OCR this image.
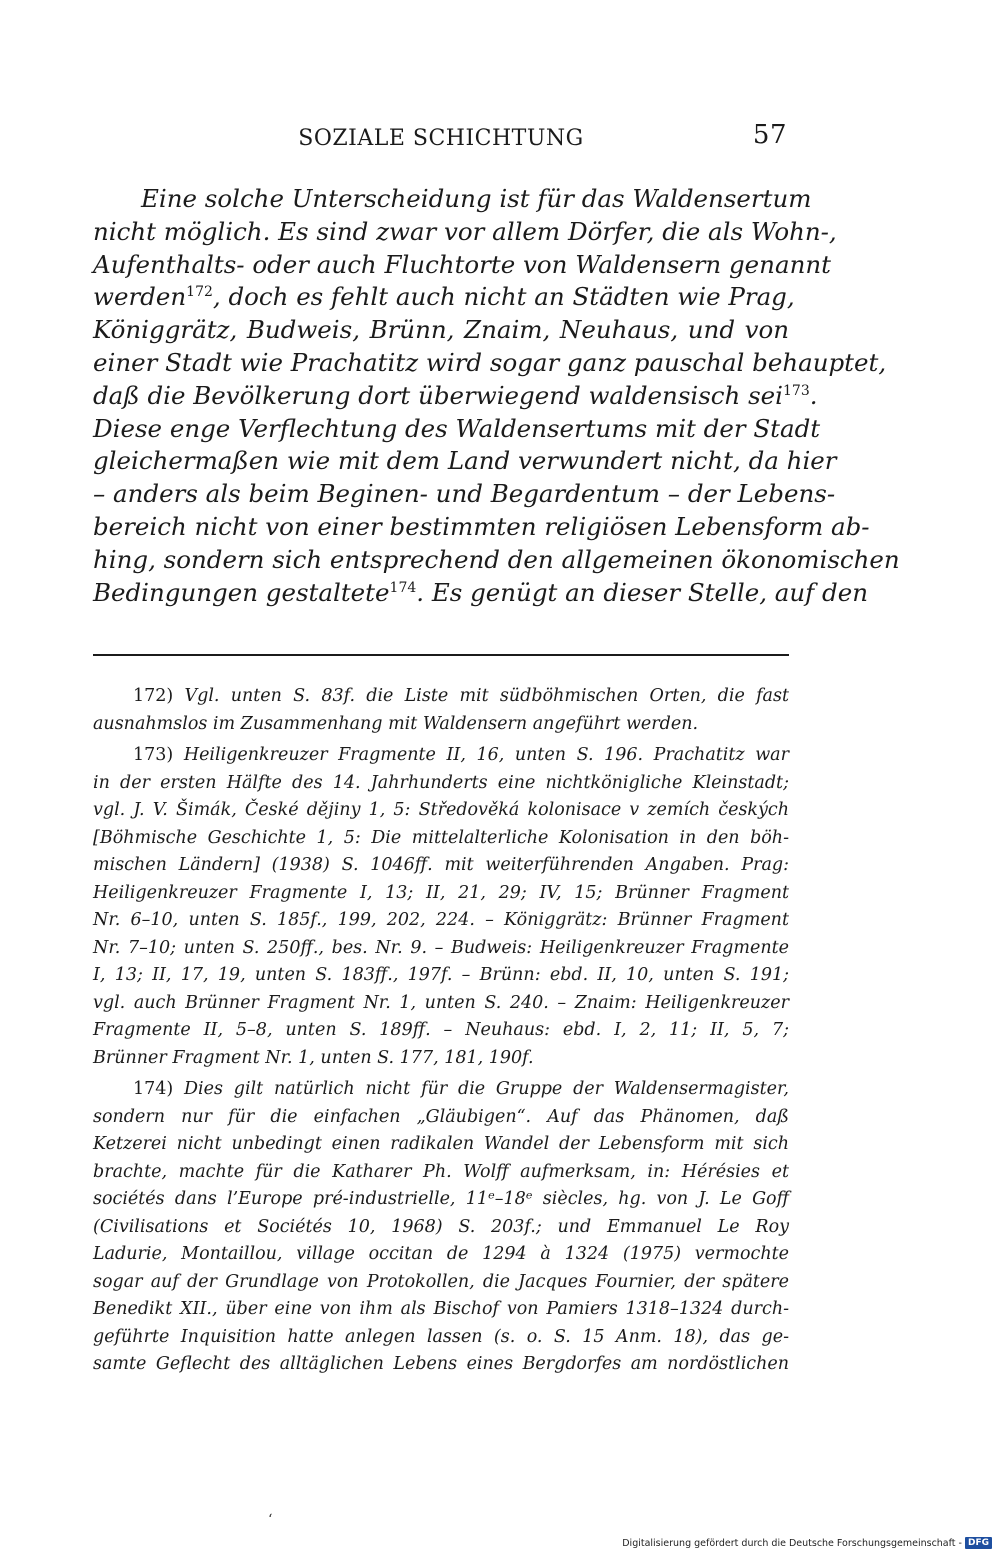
SOZIALE SCHICHTUNG	57
Eine solche Unterscheidung ist für das Waldensertum
nicht möglich. Es sind zwar vor allem Dörfer, die als Wohn-,
Aufenthalts- oder auch Fluchtorte von Waldensern genannt
werden$^{172}$, doch es fehlt auch nicht an Städten wie Prag,
Königgrätz, Budweis, Brünn, Znaim, Neuhaus, und von
einer Stadt wie Prachatitz wird sogar ganz pauschal behauptet,
daß die Bevölkerung dort überwiegend waldensisch sei$^{173}$.
Diese enge Verflechtung des Waldensertums mit der Stadt
gleichermaßen wie mit dem Land verwundert nicht, da hier
– anders als beim Beginen- und Begardentum – der Lebens-
bereich nicht von einer bestimmten religiösen Lebensform ab-
hing, sondern sich entsprechend den allgemeinen ökonomischen
Bedingungen gestaltete$^{174}$. Es genügt an dieser Stelle, auf den
172) Vgl. unten S. 83f. die Liste mit südböhmischen Orten, die fast
ausnahmslos im Zusammenhang mit Waldensern angeführt werden.
173) Heiligenkreuzer Fragmente II, 16, unten S. 196. Prachatitz war
in der ersten Hälfte des 14. Jahrhunderts eine nichtkönigliche Kleinstadt;
vgl. J. V. Šimák, České dějiny 1, 5: Středověká kolonisace v zemích českých
[Böhmische Geschichte 1, 5: Die mittelalterliche Kolonisation in den böh-
mischen Ländern] (1938) S. 1046ff. mit weiterführenden Angaben. Prag:
Heiligenkreuzer Fragmente I, 13; II, 21, 29; IV, 15; Brünner Fragment
Nr. 6–10, unten S. 185f., 199, 202, 224. – Königgrätz: Brünner Fragment
Nr. 7–10; unten S. 250ff., bes. Nr. 9. – Budweis: Heiligenkreuzer Fragmente
I, 13; II, 17, 19, unten S. 183ff., 197f. – Brünn: ebd. II, 10, unten S. 191;
vgl. auch Brünner Fragment Nr. 1, unten S. 240. – Znaim: Heiligenkreuzer
Fragmente II, 5–8, unten S. 189ff. – Neuhaus: ebd. I, 2, 11; II, 5, 7;
Brünner Fragment Nr. 1, unten S. 177, 181, 190f.
174) Dies gilt natürlich nicht für die Gruppe der Waldensermagister,
sondern nur für die einfachen „Gläubigen“. Auf das Phänomen, daß
Ketzerei nicht unbedingt einen radikalen Wandel der Lebensform mit sich
brachte, machte für die Katharer Ph. Wolff aufmerksam, in: Hérésies et
sociétés dans l’Europe pré-industrielle, 11ᵉ–18ᵉ siècles, hg. von J. Le Goff
(Civilisations et Sociétés 10, 1968) S. 203f.; und Emmanuel Le Roy
Ladurie, Montaillou, village occitan de 1294 à 1324 (1975) vermochte
sogar auf der Grundlage von Protokollen, die Jacques Fournier, der spätere
Benedikt XII., über eine von ihm als Bischof von Pamiers 1318–1324 durch-
geführte Inquisition hatte anlegen lassen (s. o. S. 15 Anm. 18), das ge-
samte Geflecht des alltäglichen Lebens eines Bergdorfes am nordöstlichen
ʻ
Digitalisierung gefördert durch die Deutsche Forschungsgemeinschaft - DFG
